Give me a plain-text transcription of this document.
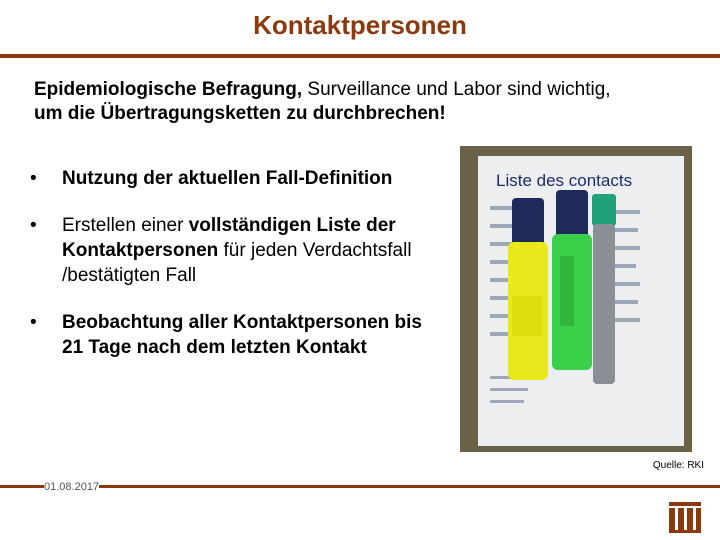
Kontaktpersonen
Epidemiologische Befragung, Surveillance und Labor sind wichtig, um die Übertragungsketten zu durchbrechen!
• Nutzung der aktuellen Fall-Definition
• Erstellen einer vollständigen Liste der Kontaktpersonen für jeden Verdachtsfall /bestätigten Fall
• Beobachtung aller Kontaktpersonen bis 21 Tage nach dem letzten Kontakt
Liste des contacts
Quelle: RKI
01.08.2017
